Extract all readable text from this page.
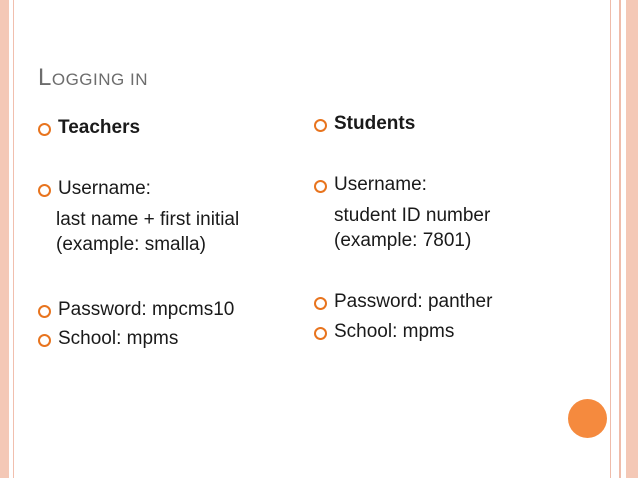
LOGGING IN
Teachers
Username:
last name + first initial
(example: smalla)
Password: mpcms10
School: mpms
Students
Username:
student ID number
(example: 7801)
Password: panther
School: mpms
